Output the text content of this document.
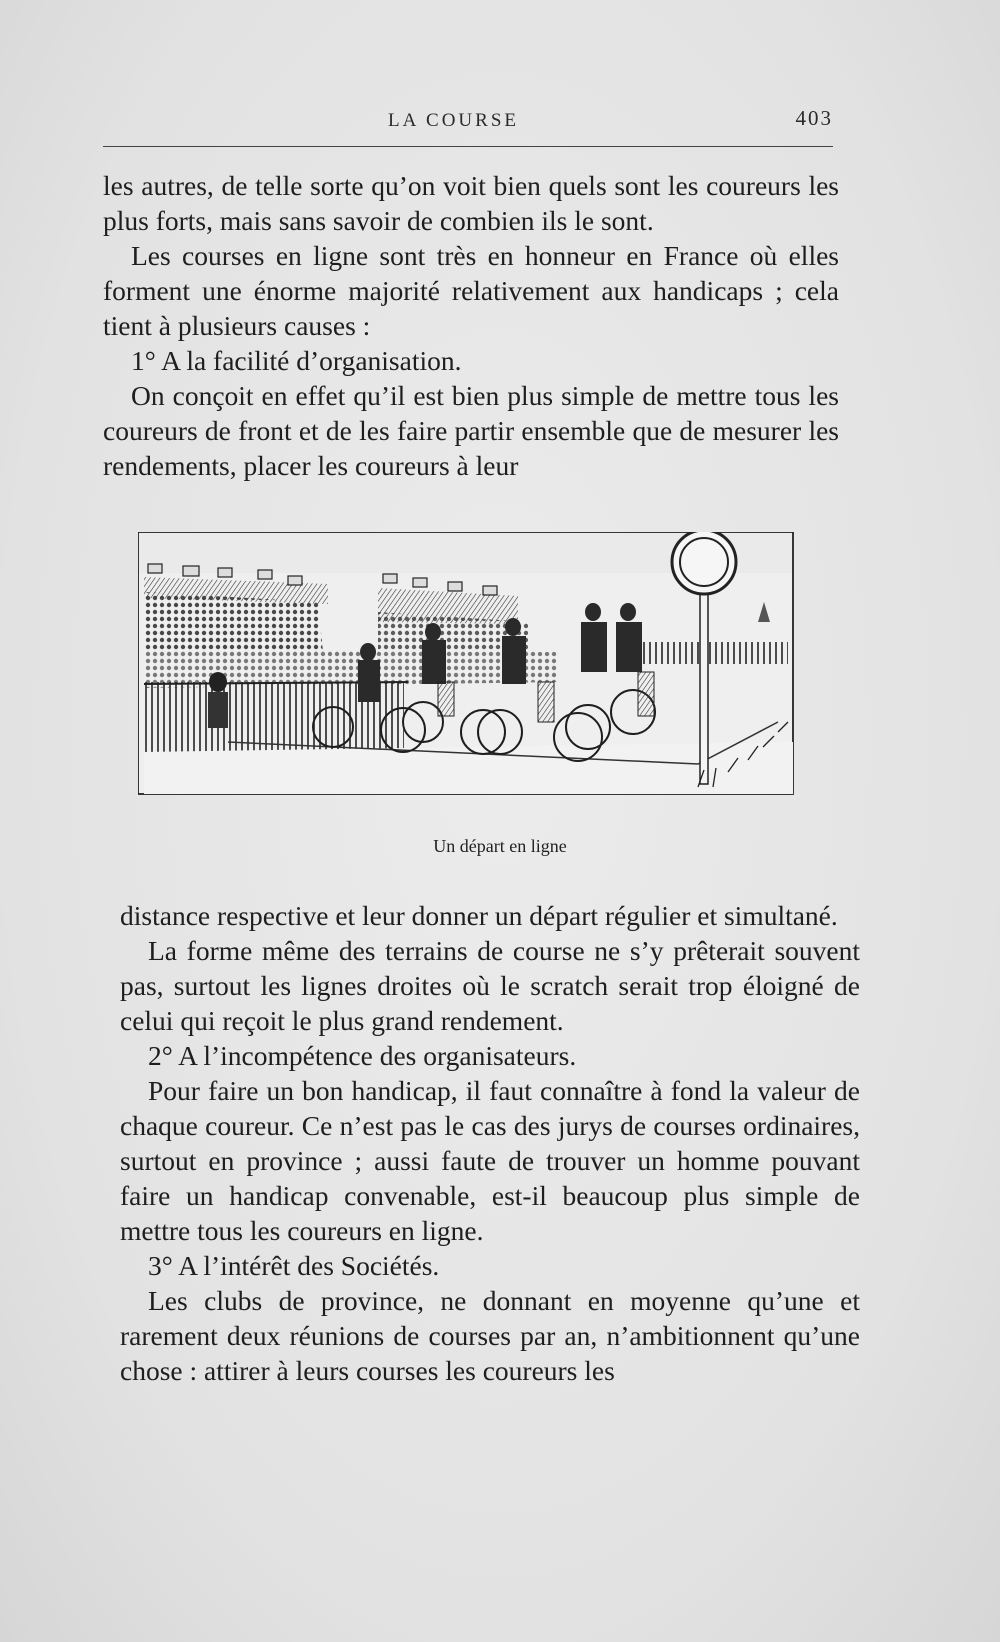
LA COURSE	403

les autres, de telle sorte qu’on voit bien quels sont les coureurs les plus forts, mais sans savoir de combien ils le sont.

Les courses en ligne sont très en honneur en France où elles forment une énorme majorité relativement aux handicaps ; cela tient à plusieurs causes :

1° A la facilité d’organisation.

On conçoit en effet qu’il est bien plus simple de mettre tous les coureurs de front et de les faire partir ensemble que de mesurer les rendements, placer les coureurs à leur

Un départ en ligne

distance respective et leur donner un départ régulier et simultané.

La forme même des terrains de course ne s’y prêterait souvent pas, surtout les lignes droites où le scratch serait trop éloigné de celui qui reçoit le plus grand rendement.

2° A l’incompétence des organisateurs.

Pour faire un bon handicap, il faut connaître à fond la valeur de chaque coureur. Ce n’est pas le cas des jurys de courses ordinaires, surtout en province ; aussi faute de trouver un homme pouvant faire un handicap convenable, est-il beaucoup plus simple de mettre tous les coureurs en ligne.

3° A l’intérêt des Sociétés.

Les clubs de province, ne donnant en moyenne qu’une et rarement deux réunions de courses par an, n’ambitionnent qu’une chose : attirer à leurs courses les coureurs les
